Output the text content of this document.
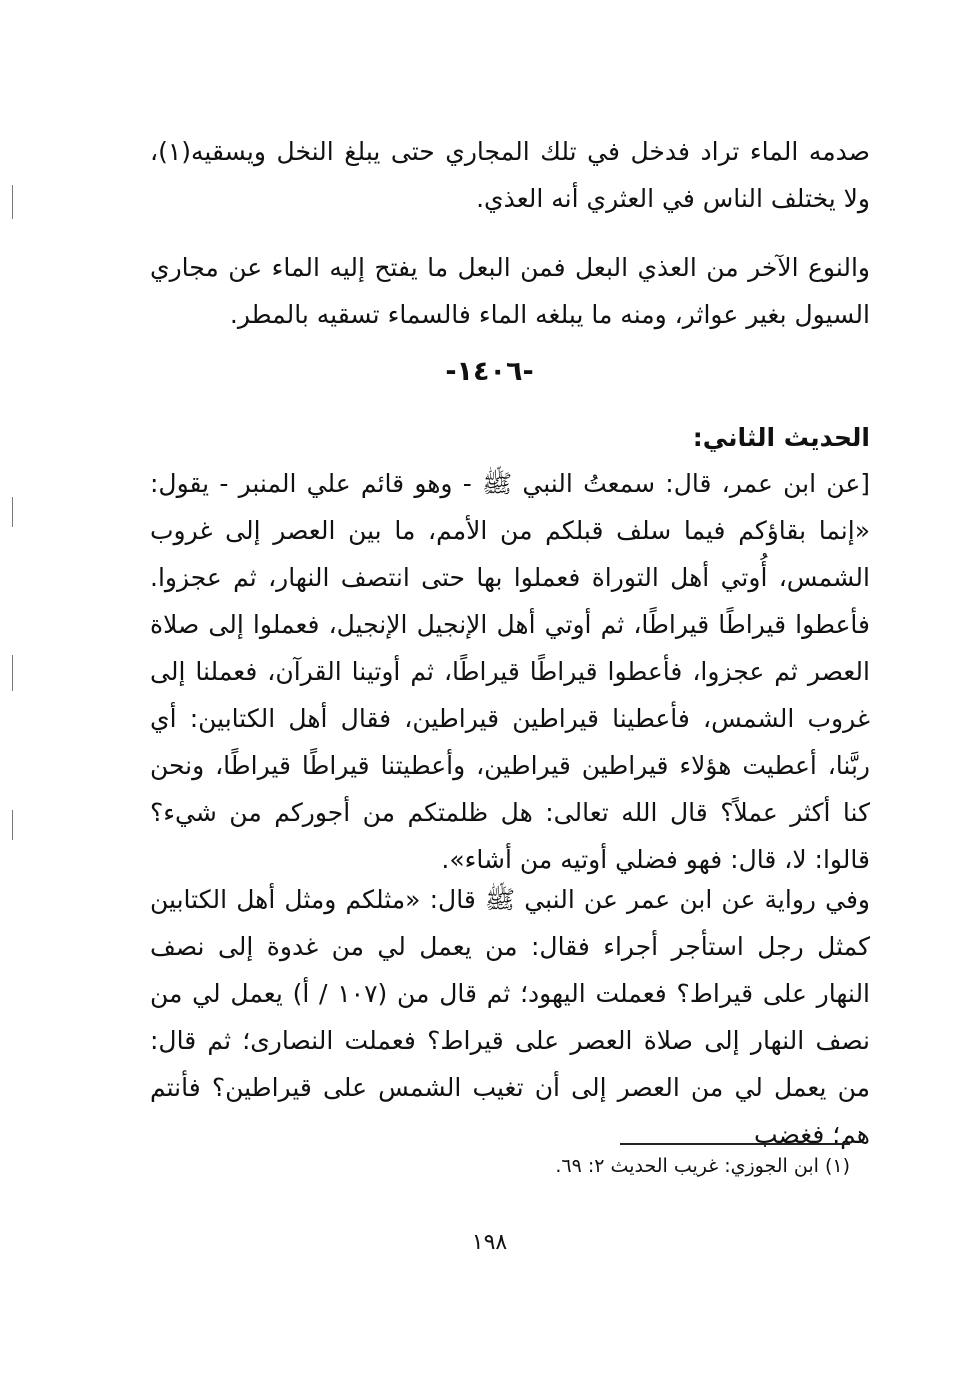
صدمه الماء تراد فدخل في تلك المجاري حتى يبلغ النخل ويسقيه(١)، ولا يختلف الناس في العثري أنه العذي.
والنوع الآخر من العذي البعل فمن البعل ما يفتح إليه الماء عن مجاري السيول بغير عواثر، ومنه ما يبلغه الماء فالسماء تسقيه بالمطر.
-١٤٠٦-
الحديث الثاني:
[عن ابن عمر، قال: سمعتُ النبي ﷺ - وهو قائم علي المنبر - يقول: «إنما بقاؤكم فيما سلف قبلكم من الأمم، ما بين العصر إلى غروب الشمس، أُوتي أهل التوراة فعملوا بها حتى انتصف النهار، ثم عجزوا. فأعطوا قيراطًا قيراطًا، ثم أوتي أهل الإنجيل الإنجيل، فعملوا إلى صلاة العصر ثم عجزوا، فأعطوا قيراطًا قيراطًا، ثم أوتينا القرآن، فعملنا إلى غروب الشمس، فأعطينا قيراطين قيراطين، فقال أهل الكتابين: أي ربَّنا، أعطيت هؤلاء قيراطين قيراطين، وأعطيتنا قيراطًا قيراطًا، ونحن كنا أكثر عملاً؟ قال الله تعالى: هل ظلمتكم من أجوركم من شيء؟ قالوا: لا، قال: فهو فضلي أوتيه من أشاء».
وفي رواية عن ابن عمر عن النبي ﷺ قال: «مثلكم ومثل أهل الكتابين كمثل رجل استأجر أجراء فقال: من يعمل لي من غدوة إلى نصف النهار على قيراط؟ فعملت اليهود؛ ثم قال من (١٠٧ / أ) يعمل لي من نصف النهار إلى صلاة العصر على قيراط؟ فعملت النصارى؛ ثم قال: من يعمل لي من العصر إلى أن تغيب الشمس على قيراطين؟ فأنتم هم؛ فغضب
(١) ابن الجوزي: غريب الحديث ٢: ٦٩.
١٩٨
